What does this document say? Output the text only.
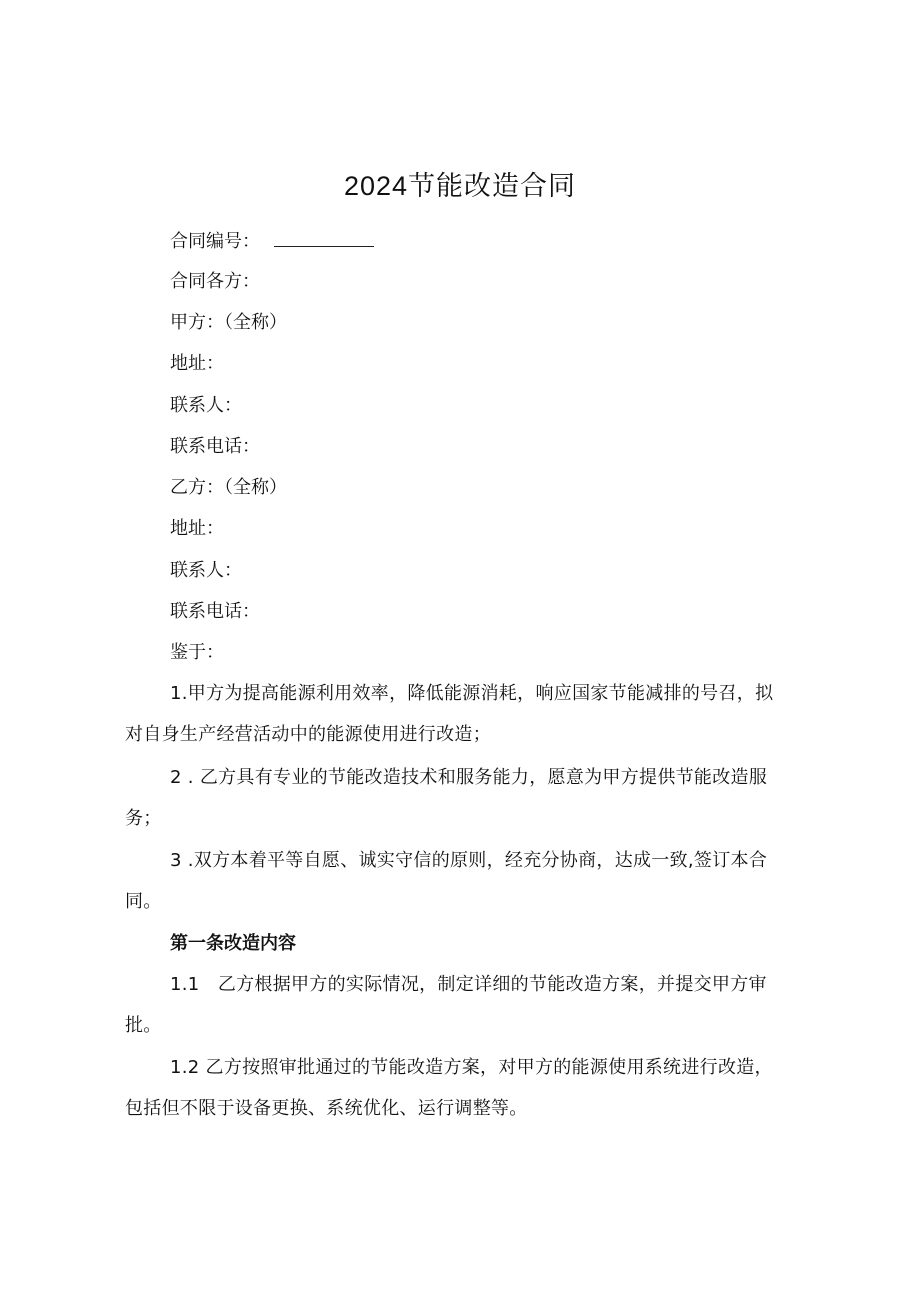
2024节能改造合同
合同编号：
合同各方：
甲方：（全称）
地址：
联系人：
联系电话：
乙方：（全称）
地址：
联系人：
联系电话：
鉴于：
1.甲方为提高能源利用效率，降低能源消耗，响应国家节能减排的号召，拟对自身生产经营活动中的能源使用进行改造；
2 . 乙方具有专业的节能改造技术和服务能力，愿意为甲方提供节能改造服务；
3 .双方本着平等自愿、诚实守信的原则，经充分协商，达成一致,签订本合同。
第一条改造内容
1.1　乙方根据甲方的实际情况，制定详细的节能改造方案，并提交甲方审批。
1.2 乙方按照审批通过的节能改造方案，对甲方的能源使用系统进行改造，包括但不限于设备更换、系统优化、运行调整等。
